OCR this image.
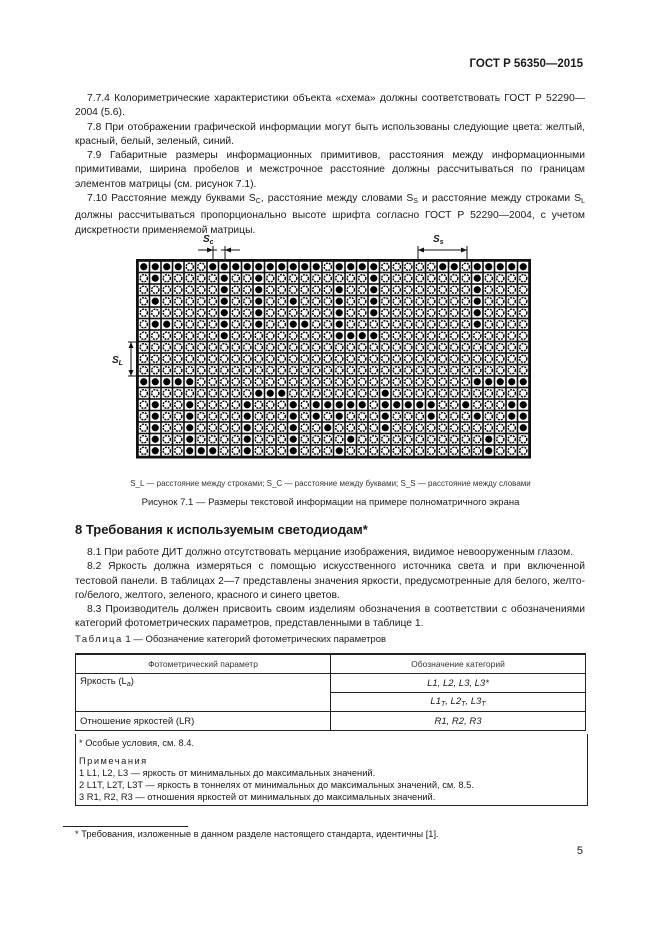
ГОСТ Р 56350—2015

7.7.4 Колориметрические характеристики объекта «схема» должны соответствовать ГОСТ Р 52290—2004 (5.6).

7.8 При отображении графической информации могут быть использованы следующие цвета: желтый, красный, белый, зеленый, синий.

7.9 Габаритные размеры информационных примитивов, расстояния между информационными примитивами, ширина пробелов и межстрочное расстояние должны рассчитываться по границам элементов матрицы (см. рисунок 7.1).

7.10 Расстояние между буквами $S_C$, расстояние между словами $S_S$ и расстояние между строками $S_L$ должны рассчитываться пропорционально высоте шрифта согласно ГОСТ Р 52290—2004, с учетом дискретности применяемой матрицы.

$S_c$	$S_s$
$S_L$
S_L — расстояние между строками; S_C — расстояние между буквами; S_S — расстояние между словами
Рисунок 7.1 — Размеры текстовой информации на примере полноматричного экрана
8 Требования к используемым светодиодам*

8.1 При работе ДИТ должно отсутствовать мерцание изображения, видимое невооруженным глазом.

8.2 Яркость должна измеряться с помощью искусственного источника света и при включенной тестовой панели. В таблицах 2—7 представлены значения яркости, предусмотренные для белого, желто-го/белого, желтого, зеленого, красного и синего цветов.

8.3 Производитель должен присвоить своим изделиям обозначения в соответствии с обозначениями категорий фотометрических параметров, представленными в таблице 1.

Таблица 1 — Обозначение категорий фотометрических параметров
Фотометрический параметр	Обозначение категорий
Яркость $(L_a)$	L1, L2, L3, L3*
	$L1_T$, $L2_T$, $L3_T$
Отношение яркостей (LR)	R1, R2, R3
* Особые условия, см. 8.4.
Примечания
1 L1, L2, L3 — яркость от минимальных до максимальных значений.
2 L1T, L2T, L3T — яркость в тоннелях от минимальных до максимальных значений, см. 8.5.
3 R1, R2, R3 — отношения яркостей от минимальных до максимальных значений.
* Требования, изложенные в данном разделе настоящего стандарта, идентичны [1].
5
